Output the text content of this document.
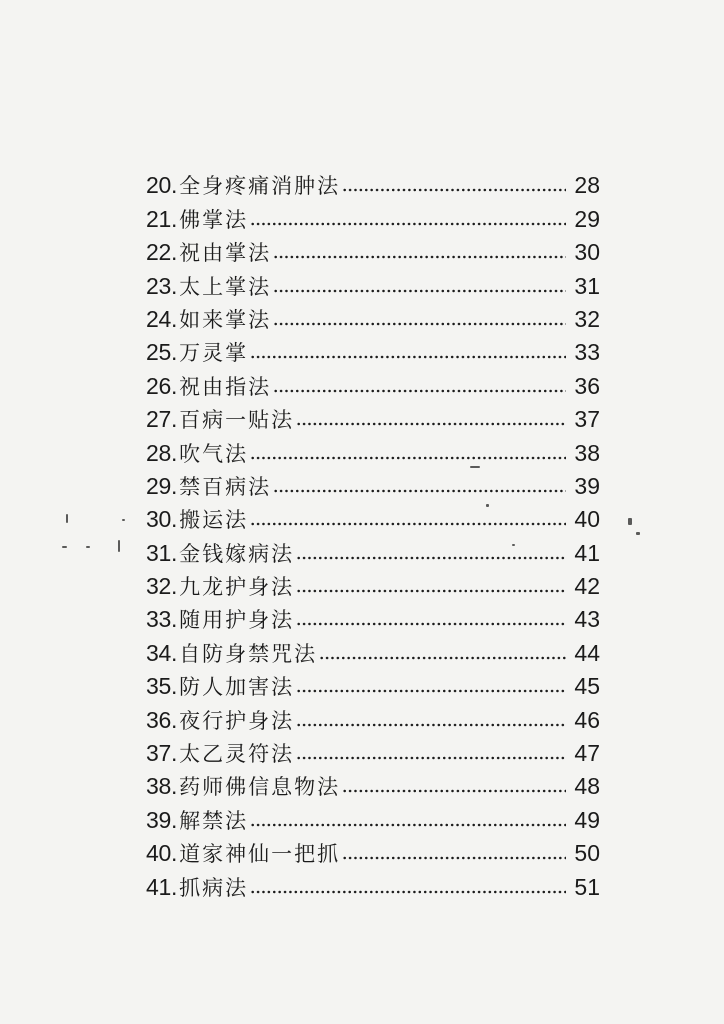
20. 全身疼痛消肿法	28
21. 佛掌法	29
22. 祝由掌法	30
23. 太上掌法	31
24. 如来掌法	32
25. 万灵掌	33
26. 祝由指法	36
27. 百病一贴法	37
28. 吹气法	38
29. 禁百病法	39
30. 搬运法	40
31. 金钱嫁病法	41
32. 九龙护身法	42
33. 随用护身法	43
34. 自防身禁咒法	44
35. 防人加害法	45
36. 夜行护身法	46
37. 太乙灵符法	47
38. 药师佛信息物法	48
39. 解禁法	49
40. 道家神仙一把抓	50
41. 抓病法	51
